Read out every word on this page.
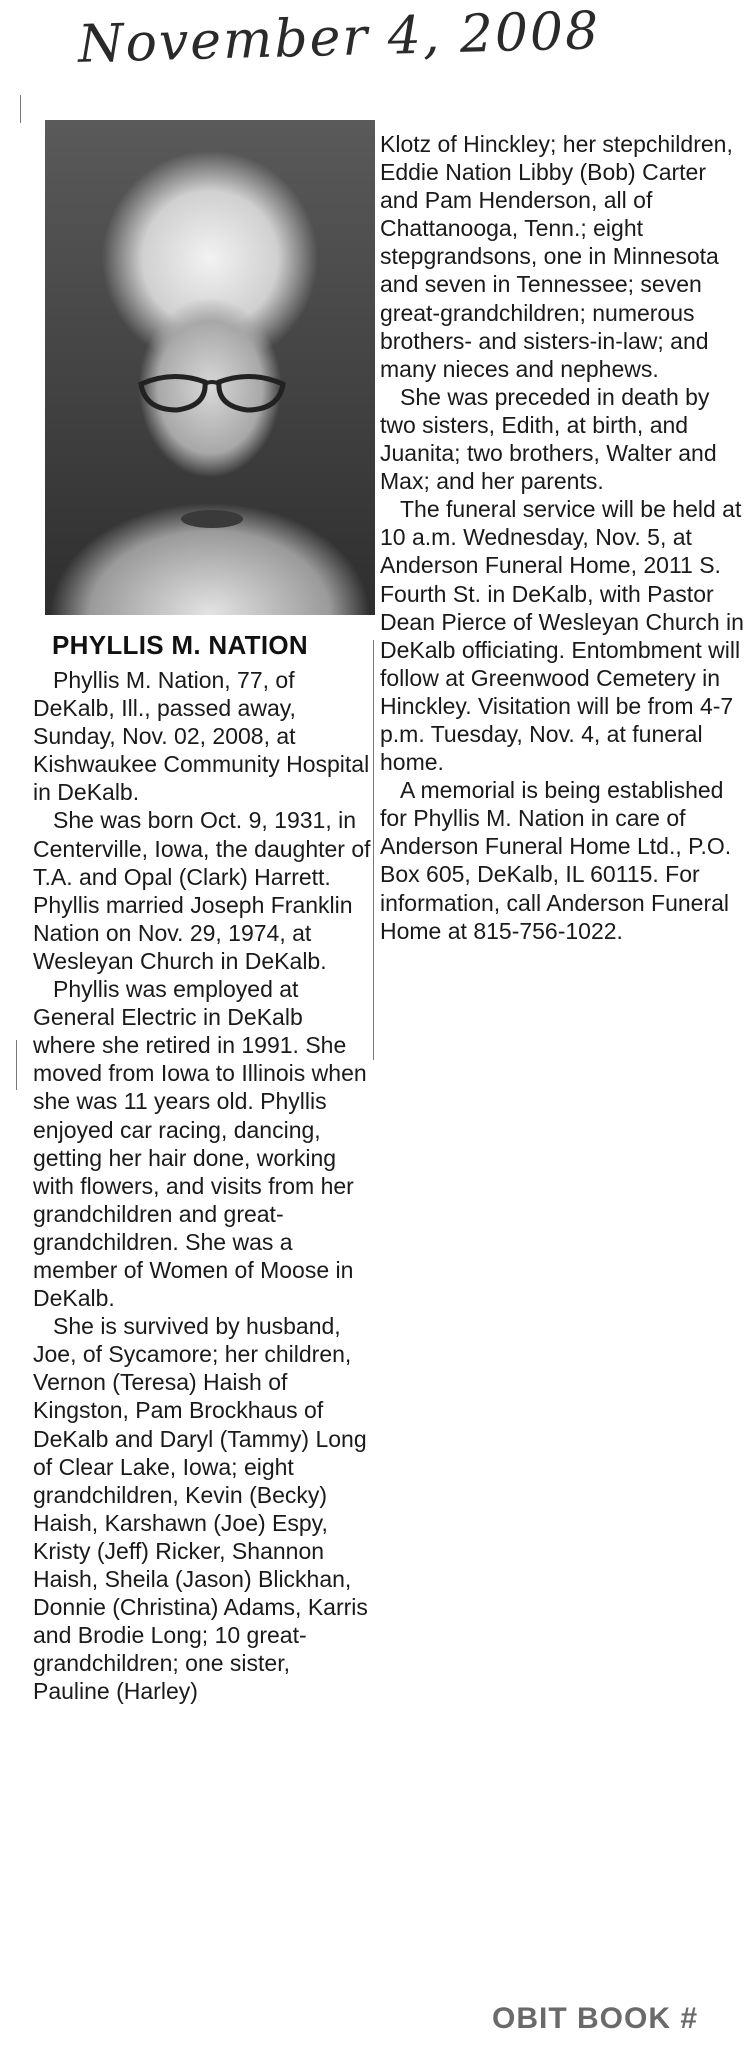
November 4, 2008
PHYLLIS M. NATION

Phyllis M. Nation, 77, of DeKalb, Ill., passed away, Sunday, Nov. 02, 2008, at Kishwaukee Community Hospital in DeKalb.

She was born Oct. 9, 1931, in Centerville, Iowa, the daughter of T.A. and Opal (Clark) Harrett. Phyllis married Joseph Franklin Nation on Nov. 29, 1974, at Wesleyan Church in DeKalb.

Phyllis was employed at General Electric in DeKalb where she retired in 1991. She moved from Iowa to Illinois when she was 11 years old. Phyllis enjoyed car racing, dancing, getting her hair done, working with flowers, and visits from her grandchildren and great-grandchildren. She was a member of Women of Moose in DeKalb.

She is survived by husband, Joe, of Sycamore; her children, Vernon (Teresa) Haish of Kingston, Pam Brockhaus of DeKalb and Daryl (Tammy) Long of Clear Lake, Iowa; eight grandchildren, Kevin (Becky) Haish, Karshawn (Joe) Espy, Kristy (Jeff) Ricker, Shannon Haish, Sheila (Jason) Blickhan, Donnie (Christina) Adams, Karris and Brodie Long; 10 great-grandchildren; one sister, Pauline (Harley)

Klotz of Hinckley; her stepchildren, Eddie Nation Libby (Bob) Carter and Pam Henderson, all of Chattanooga, Tenn.; eight stepgrandsons, one in Minnesota and seven in Tennessee; seven great-grandchildren; numerous brothers- and sisters-in-law; and many nieces and nephews.

She was preceded in death by two sisters, Edith, at birth, and Juanita; two brothers, Walter and Max; and her parents.

The funeral service will be held at 10 a.m. Wednesday, Nov. 5, at Anderson Funeral Home, 2011 S. Fourth St. in DeKalb, with Pastor Dean Pierce of Wesleyan Church in DeKalb officiating. Entombment will follow at Greenwood Cemetery in Hinckley. Visitation will be from 4-7 p.m. Tuesday, Nov. 4, at funeral home.

A memorial is being established for Phyllis M. Nation in care of Anderson Funeral Home Ltd., P.O. Box 605, DeKalb, IL 60115. For information, call Anderson Funeral Home at 815-756-1022.

OBIT BOOK #
